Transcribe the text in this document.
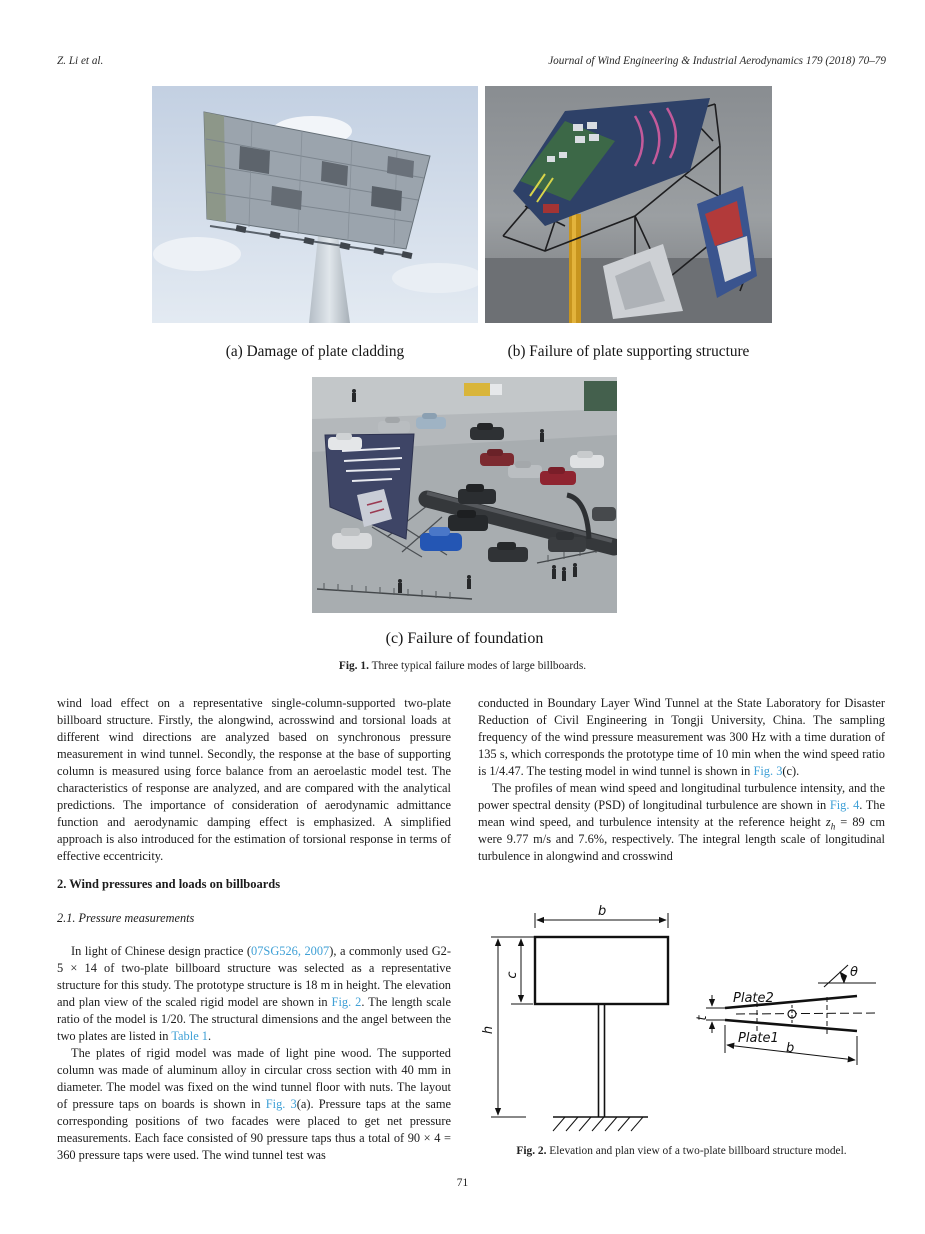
Z. Li et al.	Journal of Wind Engineering & Industrial Aerodynamics 179 (2018) 70–79
(a) Damage of plate cladding	(b) Failure of plate supporting structure
(c) Failure of foundation
Fig. 1. Three typical failure modes of large billboards.

wind load effect on a representative single-column-supported two-plate billboard structure. Firstly, the alongwind, acrosswind and torsional loads at different wind directions are analyzed based on synchronous pressure measurement in wind tunnel. Secondly, the response at the base of supporting column is measured using force balance from an aeroelastic model test. The characteristics of response are analyzed, and are compared with the analytical predictions. The importance of consideration of aerodynamic admittance function and aerodynamic damping effect is emphasized. A simplified approach is also introduced for the estimation of torsional response in terms of effective eccentricity.

2. Wind pressures and loads on billboards

2.1. Pressure measurements

In light of Chinese design practice (07SG526, 2007), a commonly used G2-5 × 14 of two-plate billboard structure was selected as a representative structure for this study. The prototype structure is 18 m in height. The elevation and plan view of the scaled rigid model are shown in Fig. 2. The length scale ratio of the model is 1/20. The structural dimensions and the angel between the two plates are listed in Table 1.

The plates of rigid model was made of light pine wood. The supported column was made of aluminum alloy in circular cross section with 40 mm in diameter. The model was fixed on the wind tunnel floor with nuts. The layout of pressure taps on boards is shown in Fig. 3(a). Pressure taps at the same corresponding positions of two facades were placed to get net pressure measurements. Each face consisted of 90 pressure taps thus a total of 90 × 4 = 360 pressure taps were used. The wind tunnel test was

conducted in Boundary Layer Wind Tunnel at the State Laboratory for Disaster Reduction of Civil Engineering in Tongji University, China. The sampling frequency of the wind pressure measurement was 300 Hz with a time duration of 135 s, which corresponds the prototype time of 10 min when the wind speed ratio is 1/4.47. The testing model in wind tunnel is shown in Fig. 3(c).

The profiles of mean wind speed and longitudinal turbulence intensity, and the power spectral density (PSD) of longitudinal turbulence are shown in Fig. 4. The mean wind speed, and turbulence intensity at the reference height $z_h = 89$ cm were 9.77 m/s and 7.6%, respectively. The integral length scale of longitudinal turbulence in alongwind and crosswind

b
c
h
t
b
Plate2
Plate1
θ
Fig. 2. Elevation and plan view of a two-plate billboard structure model.
71
